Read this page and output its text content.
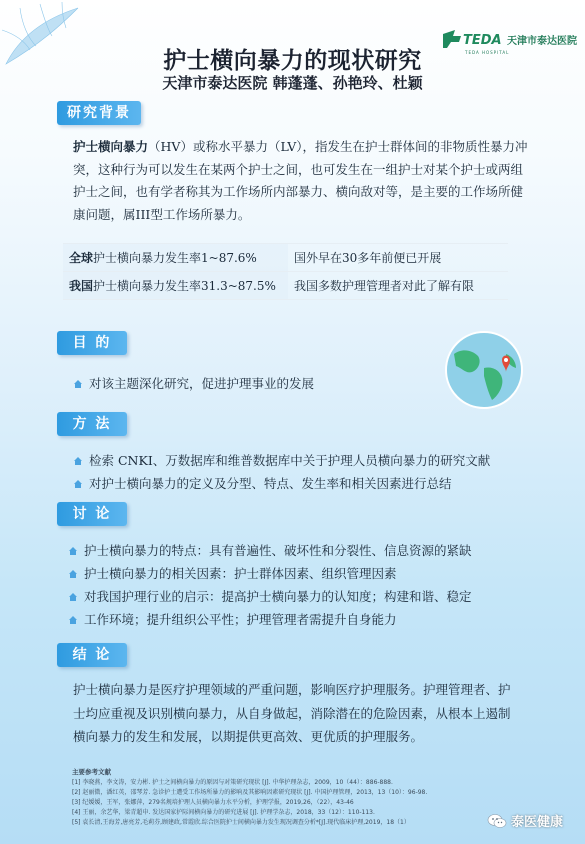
TEDA 天津市泰达医院
TEDA HOSPITAL
护士横向暴力的现状研究
天津市泰达医院 韩蓬蓬、孙艳玲、杜颖
研究背景
护士横向暴力（HV）或称水平暴力（LV），指发生在护士群体间的非物质性暴力冲突，这种行为可以发生在某两个护士之间，也可发生在一组护士对某个护士或两组护士之间，也有学者称其为工作场所内部暴力、横向敌对等，是主要的工作场所健康问题，属III型工作场所暴力。
全球护士横向暴力发生率1~87.6%	国外早在30多年前便已开展
我国护士横向暴力发生率31.3~87.5%	我国多数护理管理者对此了解有限
目 的
对该主题深化研究，促进护理事业的发展
方 法
检索 CNKI、万数据库和维普数据库中关于护理人员横向暴力的研究文献
对护士横向暴力的定义及分型、特点、发生率和相关因素进行总结
讨 论
护士横向暴力的特点：具有普遍性、破坏性和分裂性、信息资源的紧缺
护士横向暴力的相关因素：护士群体因素、组织管理因素
对我国护理行业的启示：提高护士横向暴力的认知度；构建和谐、稳定
工作环境；提升组织公平性；护理管理者需提升自身能力
结 论
护士横向暴力是医疗护理领域的严重问题，影响医疗护理服务。护理管理者、护士均应重视及识别横向暴力，从自身做起，消除潜在的危险因素，从根本上遏制横向暴力的发生和发展，以期提供更高效、更优质的护理服务。
主要参考文献
[1] 李晓燕，李文涛，安力彬. 护士之间横向暴力的原因与对策研究现状 [J]. 中华护理杂志，2009，10（44）：886-888.
[2] 赵丽微，潘红英，邵琴芳. 急诊护士遭受工作场所暴力的影响及其影响因素研究现状 [J]. 中国护理管理，2013，13（10）：96-98.
[3] 纪媛媛，王军，张娜萍，279名规培护理人员横向暴力水平分析，护理学报，2019,26，（22），43-46
[4] 王丽，余艺华，梁青超申. 发达国家护际间横向暴力的研究进展 [J]. 护理学杂志，2018，33（12）：110-113.
[5] 袁长清,王海芳,唐亮芳,毛莉芬,顾建政,常霞欣.综合医院护士间横向暴力发生现况调查分析*[J].现代临床护理,2019，18（1）	泰医健康
